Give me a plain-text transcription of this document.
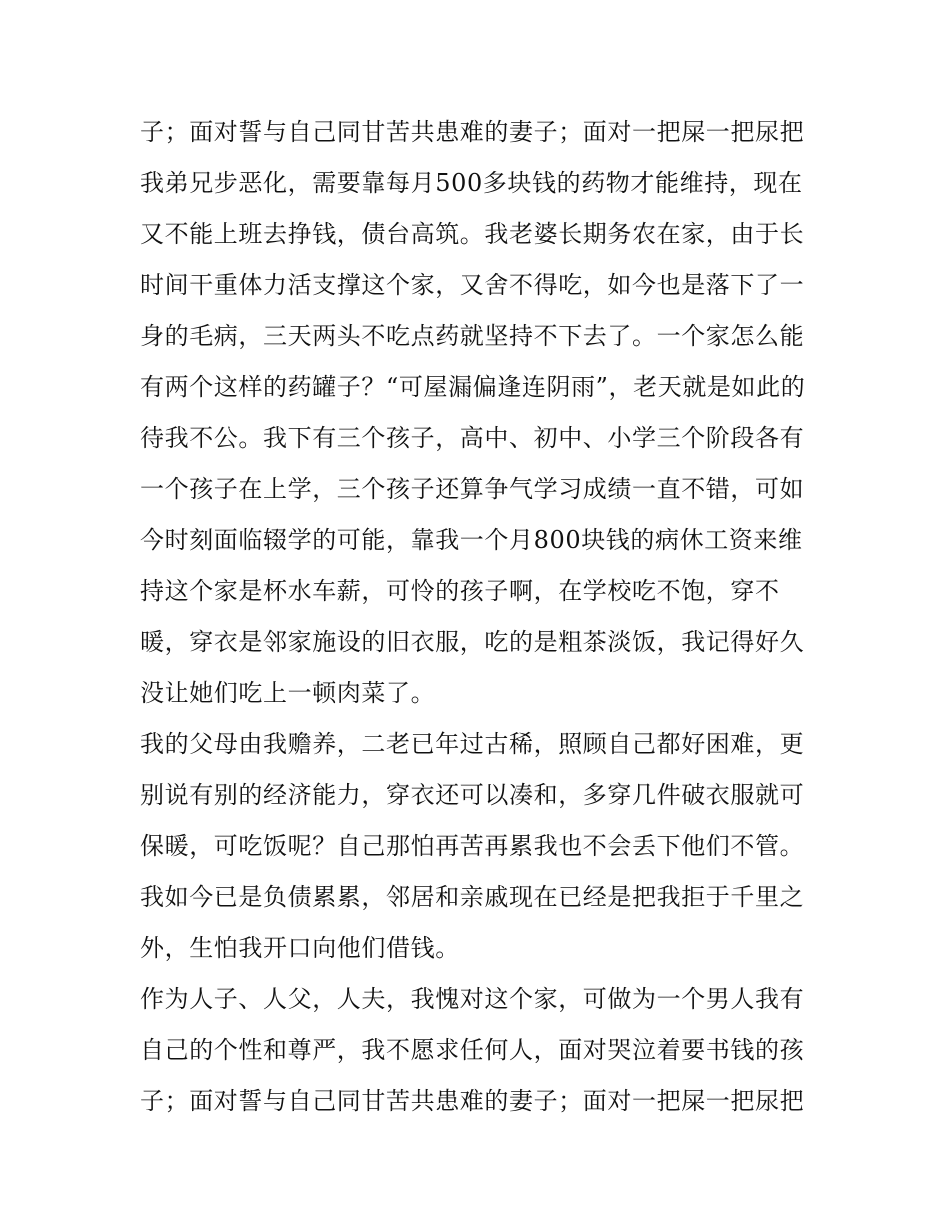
子；面对誓与自己同甘苦共患难的妻子；面对一把屎一把尿把
我弟兄步恶化，需要靠每月500多块钱的药物才能维持，现在
又不能上班去挣钱，债台高筑。我老婆长期务农在家，由于长
时间干重体力活支撑这个家，又舍不得吃，如今也是落下了一
身的毛病，三天两头不吃点药就坚持不下去了。一个家怎么能
有两个这样的药罐子？“可屋漏偏逢连阴雨”，老天就是如此的
待我不公。我下有三个孩子，高中、初中、小学三个阶段各有
一个孩子在上学，三个孩子还算争气学习成绩一直不错，可如
今时刻面临辍学的可能，靠我一个月800块钱的病休工资来维
持这个家是杯水车薪，可怜的孩子啊，在学校吃不饱，穿不
暖，穿衣是邻家施设的旧衣服，吃的是粗茶淡饭，我记得好久
没让她们吃上一顿肉菜了。
我的父母由我赡养，二老已年过古稀，照顾自己都好困难，更
别说有别的经济能力，穿衣还可以凑和，多穿几件破衣服就可
保暖，可吃饭呢？自己那怕再苦再累我也不会丢下他们不管。
我如今已是负债累累，邻居和亲戚现在已经是把我拒于千里之
外，生怕我开口向他们借钱。
作为人子、人父，人夫，我愧对这个家，可做为一个男人我有
自己的个性和尊严，我不愿求任何人，面对哭泣着要书钱的孩
子；面对誓与自己同甘苦共患难的妻子；面对一把屎一把尿把
